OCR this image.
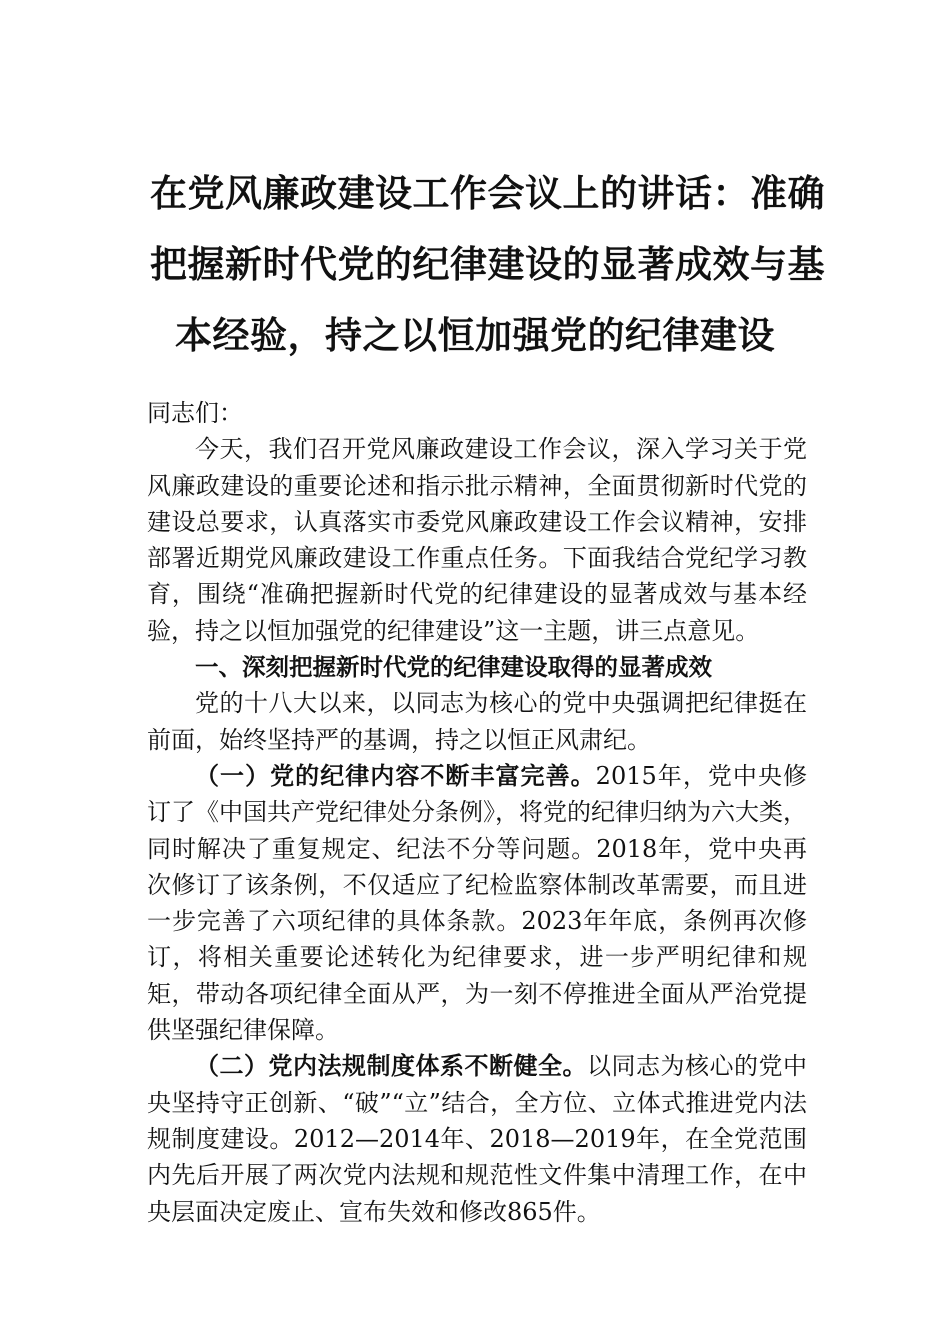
在党风廉政建设工作会议上的讲话：准确
把握新时代党的纪律建设的显著成效与基
本经验，持之以恒加强党的纪律建设

同志们：

今天，我们召开党风廉政建设工作会议，深入学习关于党风廉政建设的重要论述和指示批示精神，全面贯彻新时代党的建设总要求，认真落实市委党风廉政建设工作会议精神，安排部署近期党风廉政建设工作重点任务。下面我结合党纪学习教育，围绕“准确把握新时代党的纪律建设的显著成效与基本经验，持之以恒加强党的纪律建设”这一主题，讲三点意见。

一、深刻把握新时代党的纪律建设取得的显著成效

党的十八大以来，以同志为核心的党中央强调把纪律挺在前面，始终坚持严的基调，持之以恒正风肃纪。

（一）党的纪律内容不断丰富完善。2015年，党中央修订了《中国共产党纪律处分条例》，将党的纪律归纳为六大类，同时解决了重复规定、纪法不分等问题。2018年，党中央再次修订了该条例，不仅适应了纪检监察体制改革需要，而且进一步完善了六项纪律的具体条款。2023年年底，条例再次修订，将相关重要论述转化为纪律要求，进一步严明纪律和规矩，带动各项纪律全面从严，为一刻不停推进全面从严治党提供坚强纪律保障。

（二）党内法规制度体系不断健全。以同志为核心的党中央坚持守正创新、“破”“立”结合，全方位、立体式推进党内法规制度建设。2012—2014年、2018—2019年，在全党范围内先后开展了两次党内法规和规范性文件集中清理工作，在中央层面决定废止、宣布失效和修改865件。
